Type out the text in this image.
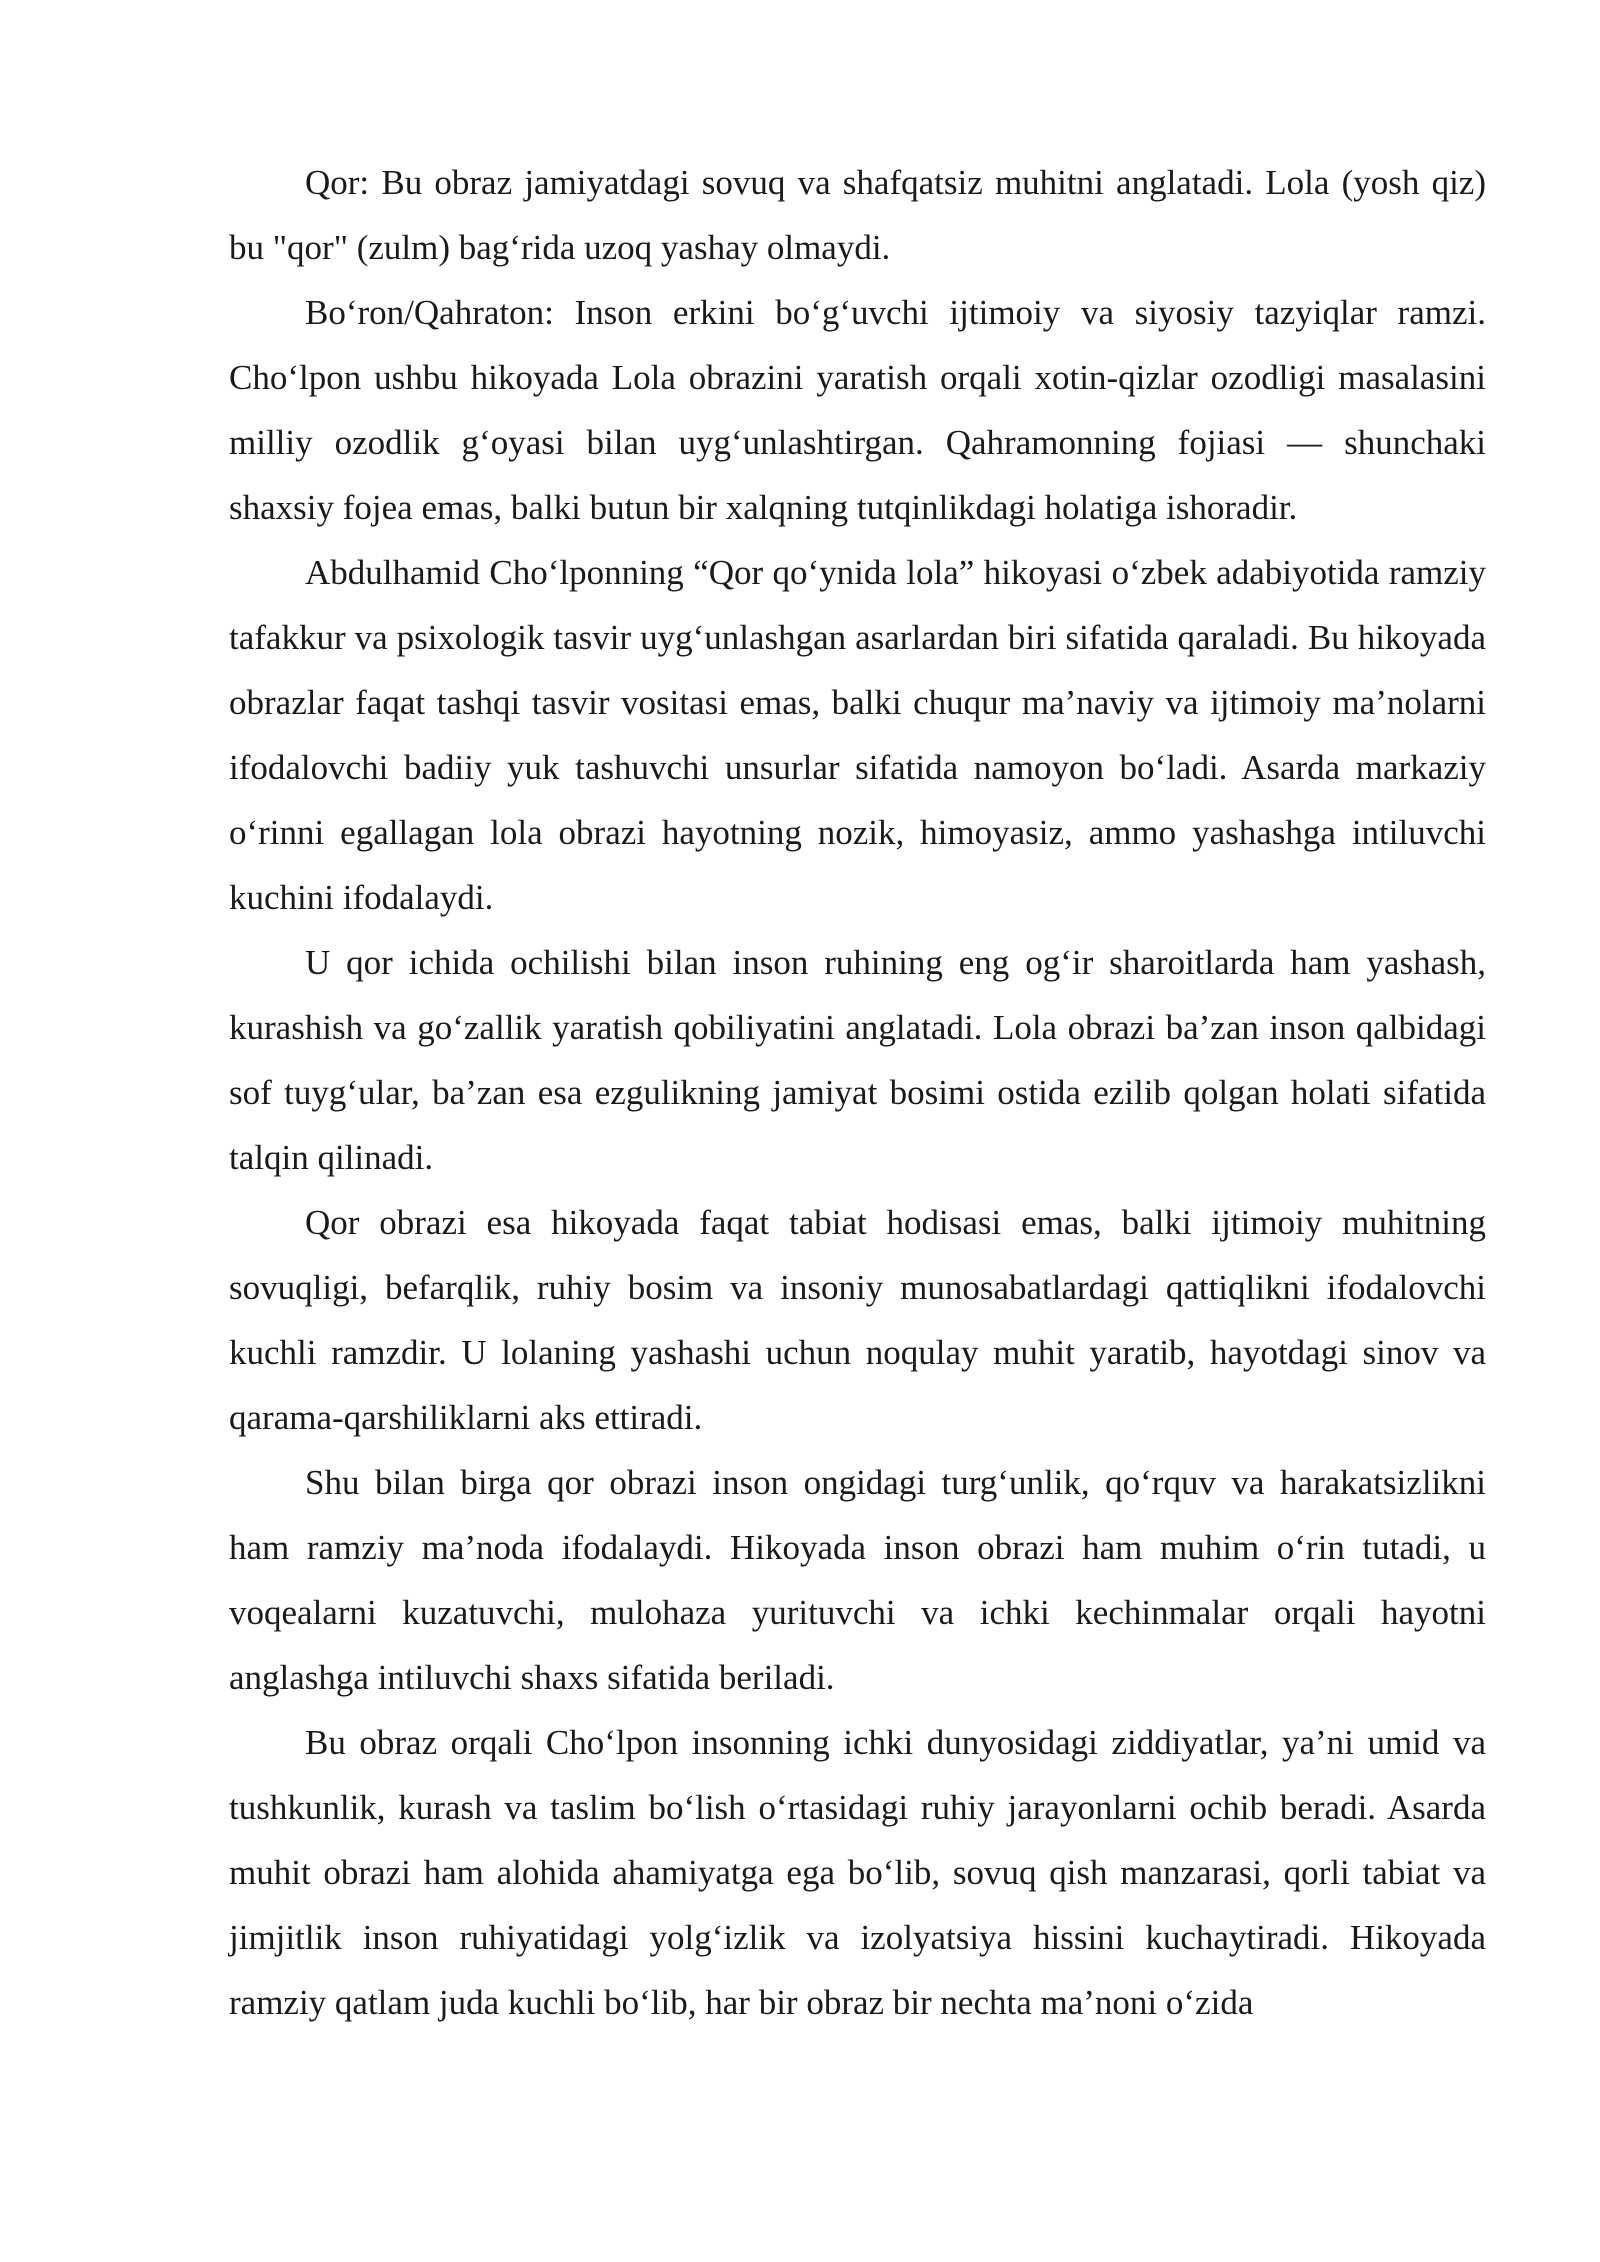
Qor: Bu obraz jamiyatdagi sovuq va shafqatsiz muhitni anglatadi. Lola (yosh qiz) bu "qor" (zulm) bag‘rida uzoq yashay olmaydi.

Bo‘ron/Qahraton: Inson erkini bo‘g‘uvchi ijtimoiy va siyosiy tazyiqlar ramzi. Cho‘lpon ushbu hikoyada Lola obrazini yaratish orqali xotin-qizlar ozodligi masalasini milliy ozodlik g‘oyasi bilan uyg‘unlashtirgan. Qahramonning fojiasi — shunchaki shaxsiy fojea emas, balki butun bir xalqning tutqinlikdagi holatiga ishoradir.

Abdulhamid Cho‘lponning “Qor qo‘ynida lola” hikoyasi o‘zbek adabiyotida ramziy tafakkur va psixologik tasvir uyg‘unlashgan asarlardan biri sifatida qaraladi. Bu hikoyada obrazlar faqat tashqi tasvir vositasi emas, balki chuqur ma’naviy va ijtimoiy ma’nolarni ifodalovchi badiiy yuk tashuvchi unsurlar sifatida namoyon bo‘ladi. Asarda markaziy o‘rinni egallagan lola obrazi hayotning nozik, himoyasiz, ammo yashashga intiluvchi kuchini ifodalaydi.

U qor ichida ochilishi bilan inson ruhining eng og‘ir sharoitlarda ham yashash, kurashish va go‘zallik yaratish qobiliyatini anglatadi. Lola obrazi ba’zan inson qalbidagi sof tuyg‘ular, ba’zan esa ezgulikning jamiyat bosimi ostida ezilib qolgan holati sifatida talqin qilinadi.

Qor obrazi esa hikoyada faqat tabiat hodisasi emas, balki ijtimoiy muhitning sovuqligi, befarqlik, ruhiy bosim va insoniy munosabatlardagi qattiqlikni ifodalovchi kuchli ramzdir. U lolaning yashashi uchun noqulay muhit yaratib, hayotdagi sinov va qarama-qarshiliklarni aks ettiradi.

Shu bilan birga qor obrazi inson ongidagi turg‘unlik, qo‘rquv va harakatsizlikni ham ramziy ma’noda ifodalaydi. Hikoyada inson obrazi ham muhim o‘rin tutadi, u voqealarni kuzatuvchi, mulohaza yurituvchi va ichki kechinmalar orqali hayotni anglashga intiluvchi shaxs sifatida beriladi.

Bu obraz orqali Cho‘lpon insonning ichki dunyosidagi ziddiyatlar, ya’ni umid va tushkunlik, kurash va taslim bo‘lish o‘rtasidagi ruhiy jarayonlarni ochib beradi. Asarda muhit obrazi ham alohida ahamiyatga ega bo‘lib, sovuq qish manzarasi, qorli tabiat va jimjitlik inson ruhiyatidagi yolg‘izlik va izolyatsiya hissini kuchaytiradi. Hikoyada ramziy qatlam juda kuchli bo‘lib, har bir obraz bir nechta ma’noni o‘zida
